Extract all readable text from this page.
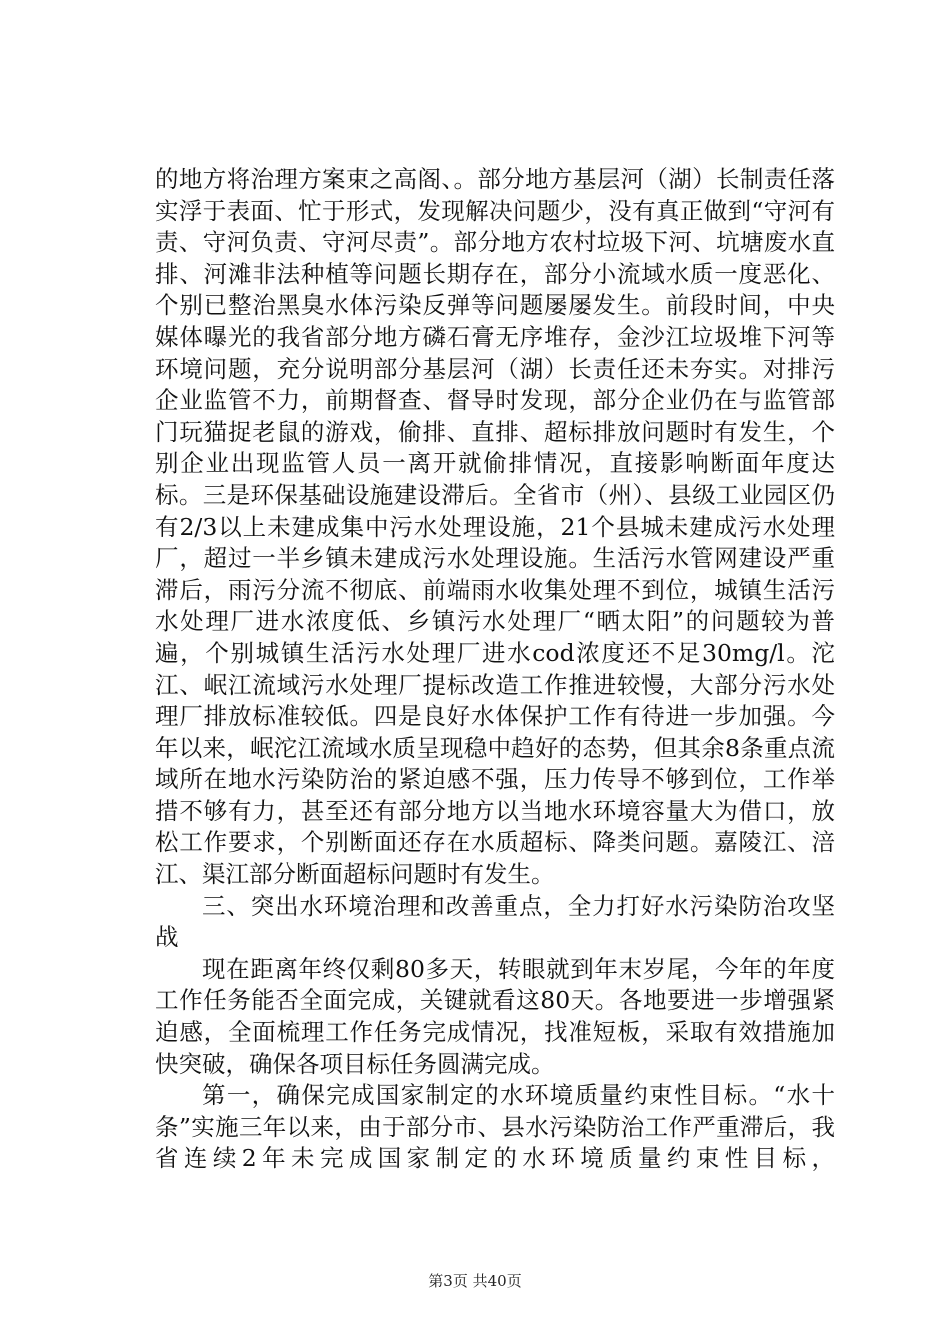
的地方将治理方案束之高阁、。部分地方基层河（湖）长制责任落实浮于表面、忙于形式，发现解决问题少，没有真正做到“守河有责、守河负责、守河尽责”。部分地方农村垃圾下河、坑塘废水直排、河滩非法种植等问题长期存在，部分小流域水质一度恶化、个别已整治黑臭水体污染反弹等问题屡屡发生。前段时间，中央媒体曝光的我省部分地方磷石膏无序堆存，金沙江垃圾堆下河等环境问题，充分说明部分基层河（湖）长责任还未夯实。对排污企业监管不力，前期督查、督导时发现，部分企业仍在与监管部门玩猫捉老鼠的游戏，偷排、直排、超标排放问题时有发生，个别企业出现监管人员一离开就偷排情况，直接影响断面年度达标。三是环保基础设施建设滞后。全省市（州）、县级工业园区仍有2/3以上未建成集中污水处理设施，21个县城未建成污水处理厂，超过一半乡镇未建成污水处理设施。生活污水管网建设严重滞后，雨污分流不彻底、前端雨水收集处理不到位，城镇生活污水处理厂进水浓度低、乡镇污水处理厂“晒太阳”的问题较为普遍，个别城镇生活污水处理厂进水cod浓度还不足30mg/l。沱江、岷江流域污水处理厂提标改造工作推进较慢，大部分污水处理厂排放标准较低。四是良好水体保护工作有待进一步加强。今年以来，岷沱江流域水质呈现稳中趋好的态势，但其余8条重点流域所在地水污染防治的紧迫感不强，压力传导不够到位，工作举措不够有力，甚至还有部分地方以当地水环境容量大为借口，放松工作要求，个别断面还存在水质超标、降类问题。嘉陵江、涪江、渠江部分断面超标问题时有发生。

三、突出水环境治理和改善重点，全力打好水污染防治攻坚战

现在距离年终仅剩80多天，转眼就到年末岁尾，今年的年度工作任务能否全面完成，关键就看这80天。各地要进一步增强紧迫感，全面梳理工作任务完成情况，找准短板，采取有效措施加快突破，确保各项目标任务圆满完成。

第一，确保完成国家制定的水环境质量约束性目标。“水十条”实施三年以来，由于部分市、县水污染防治工作严重滞后，我省连续2年未完成国家制定的水环境质量约束性目标，

第3页 共40页
